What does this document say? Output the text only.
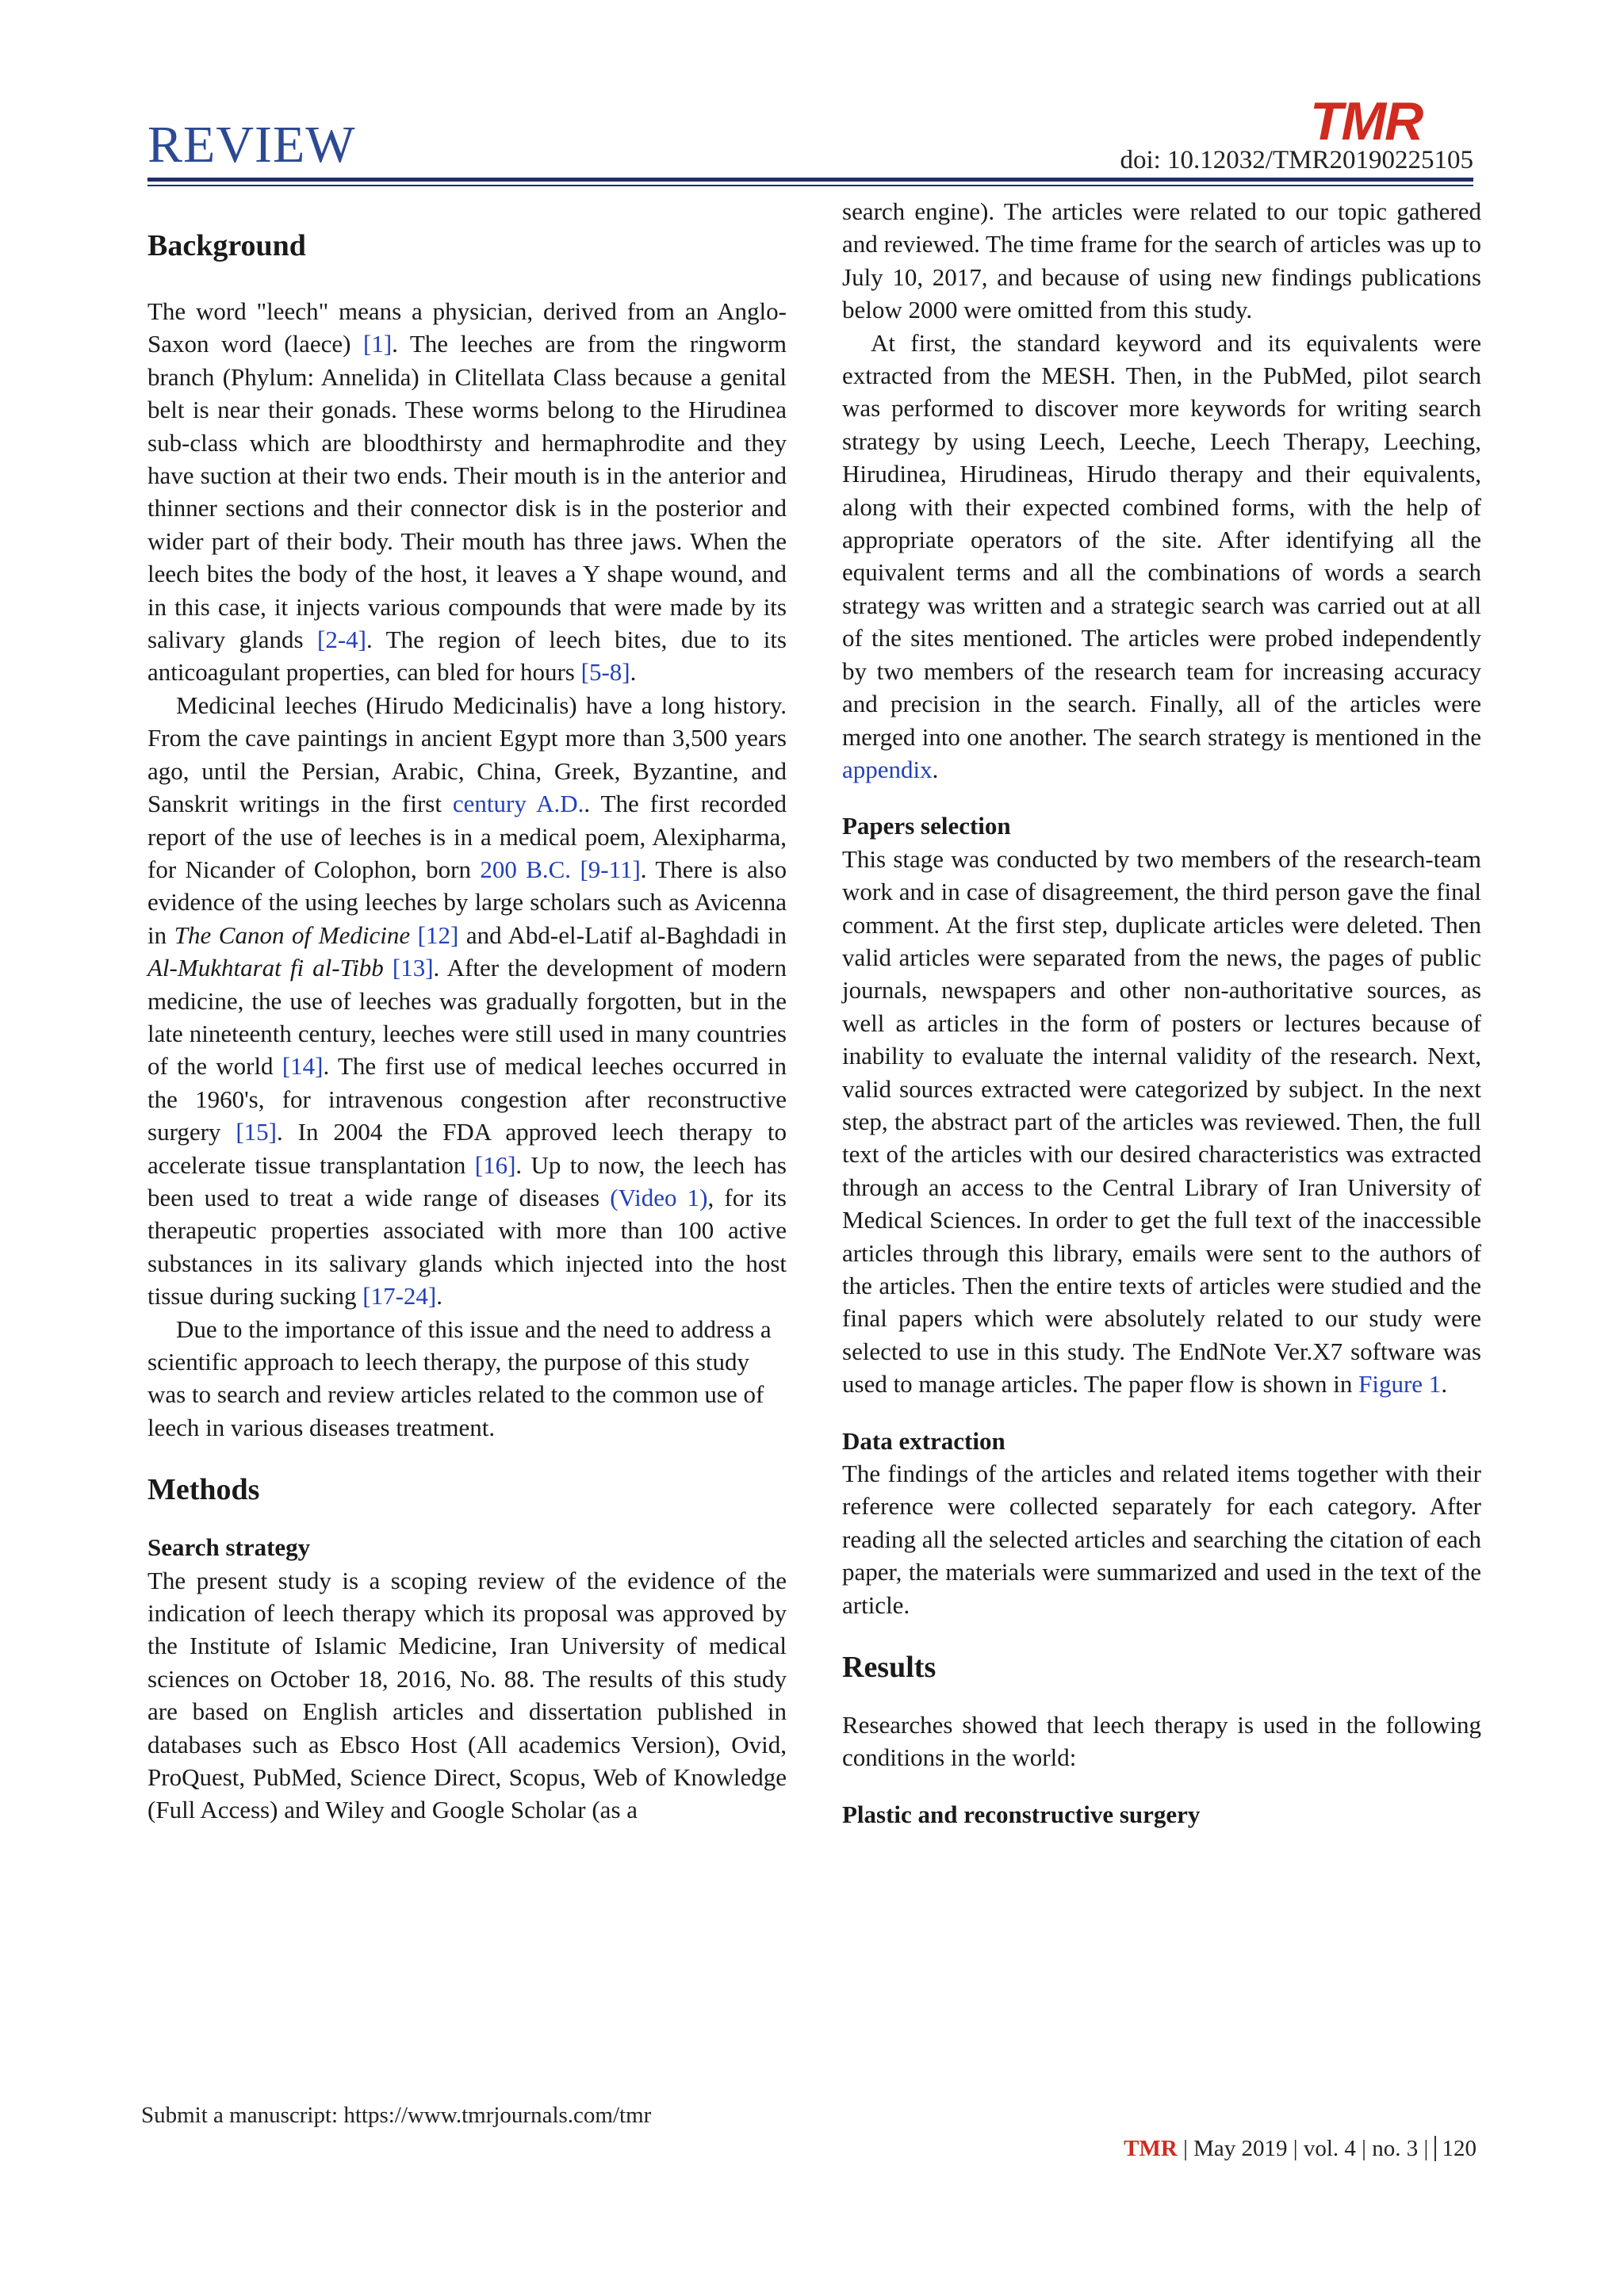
REVIEW	TMR
doi: 10.12032/TMR20190225105
Background

The word "leech" means a physician, derived from an Anglo-Saxon word (laece) [1]. The leeches are from the ringworm branch (Phylum: Annelida) in Clitellata Class because a genital belt is near their gonads. These worms belong to the Hirudinea sub-class which are bloodthirsty and hermaphrodite and they have suction at their two ends. Their mouth is in the anterior and thinner sections and their connector disk is in the posterior and wider part of their body. Their mouth has three jaws. When the leech bites the body of the host, it leaves a Y shape wound, and in this case, it injects various compounds that were made by its salivary glands [2-4]. The region of leech bites, due to its anticoagulant properties, can bled for hours [5-8].

Medicinal leeches (Hirudo Medicinalis) have a long history. From the cave paintings in ancient Egypt more than 3,500 years ago, until the Persian, Arabic, China, Greek, Byzantine, and Sanskrit writings in the first century A.D.. The first recorded report of the use of leeches is in a medical poem, Alexipharma, for Nicander of Colophon, born 200 B.C. [9-11]. There is also evidence of the using leeches by large scholars such as Avicenna in The Canon of Medicine [12] and Abd-el-Latif al-Baghdadi in Al-Mukhtarat fi al-Tibb [13]. After the development of modern medicine, the use of leeches was gradually forgotten, but in the late nineteenth century, leeches were still used in many countries of the world [14]. The first use of medical leeches occurred in the 1960's, for intravenous congestion after reconstructive surgery [15]. In 2004 the FDA approved leech therapy to accelerate tissue transplantation [16]. Up to now, the leech has been used to treat a wide range of diseases (Video 1), for its therapeutic properties associated with more than 100 active substances in its salivary glands which injected into the host tissue during sucking [17-24].

Due to the importance of this issue and the need to address a scientific approach to leech therapy, the purpose of this study was to search and review articles related to the common use of leech in various diseases treatment.

Methods
Search strategy

The present study is a scoping review of the evidence of the indication of leech therapy which its proposal was approved by the Institute of Islamic Medicine, Iran University of medical sciences on October 18, 2016, No. 88. The results of this study are based on English articles and dissertation published in databases such as Ebsco Host (All academics Version), Ovid, ProQuest, PubMed, Science Direct, Scopus, Web of Knowledge (Full Access) and Wiley and Google Scholar (as a

search engine). The articles were related to our topic gathered and reviewed. The time frame for the search of articles was up to July 10, 2017, and because of using new findings publications below 2000 were omitted from this study.

At first, the standard keyword and its equivalents were extracted from the MESH. Then, in the PubMed, pilot search was performed to discover more keywords for writing search strategy by using Leech, Leeche, Leech Therapy, Leeching, Hirudinea, Hirudineas, Hirudo therapy and their equivalents, along with their expected combined forms, with the help of appropriate operators of the site. After identifying all the equivalent terms and all the combinations of words a search strategy was written and a strategic search was carried out at all of the sites mentioned. The articles were probed independently by two members of the research team for increasing accuracy and precision in the search. Finally, all of the articles were merged into one another. The search strategy is mentioned in the appendix.

Papers selection

This stage was conducted by two members of the research-team work and in case of disagreement, the third person gave the final comment. At the first step, duplicate articles were deleted. Then valid articles were separated from the news, the pages of public journals, newspapers and other non-authoritative sources, as well as articles in the form of posters or lectures because of inability to evaluate the internal validity of the research. Next, valid sources extracted were categorized by subject. In the next step, the abstract part of the articles was reviewed. Then, the full text of the articles with our desired characteristics was extracted through an access to the Central Library of Iran University of Medical Sciences. In order to get the full text of the inaccessible articles through this library, emails were sent to the authors of the articles. Then the entire texts of articles were studied and the final papers which were absolutely related to our study were selected to use in this study. The EndNote Ver.X7 software was used to manage articles. The paper flow is shown in Figure 1.

Data extraction

The findings of the articles and related items together with their reference were collected separately for each category. After reading all the selected articles and searching the citation of each paper, the materials were summarized and used in the text of the article.

Results

Researches showed that leech therapy is used in the following conditions in the world:

Plastic and reconstructive surgery
Submit a manuscript: https://www.tmrjournals.com/tmr
TMR | May 2019 | vol. 4 | no. 3 | 120
